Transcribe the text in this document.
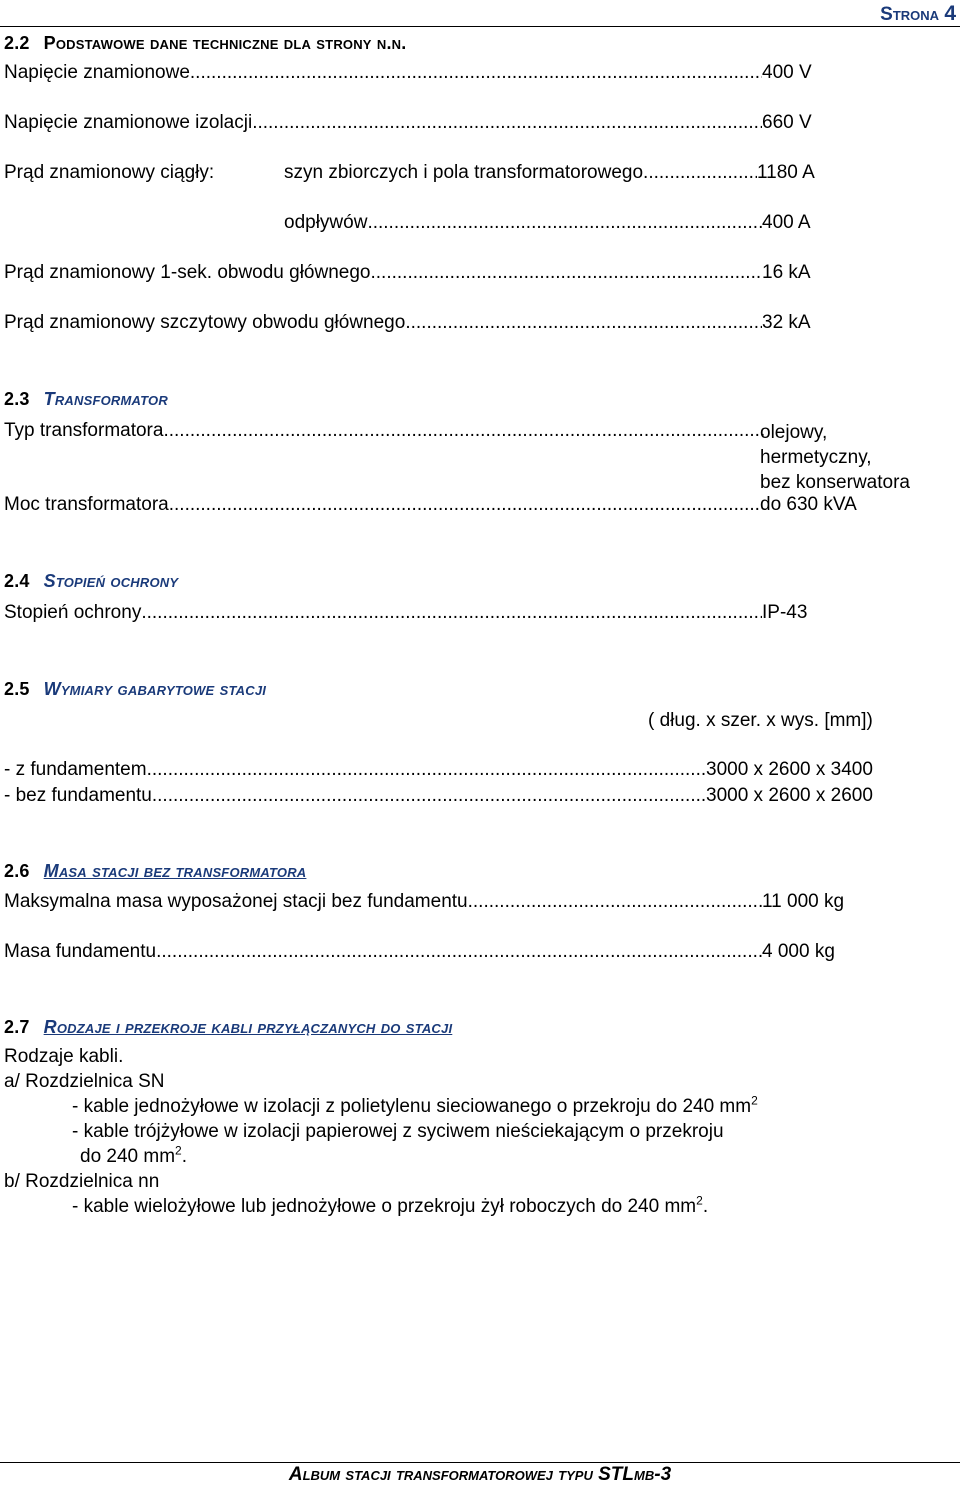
Strona 4
2.2 Podstawowe dane techniczne dla strony n.n.
Napięcie znamionowe .....	400 V
Napięcie znamionowe izolacji .....	660 V
Prąd znamionowy ciągły:	szyn zbiorczych i pola transformatorowego .....	1180 A
odpływów .....	400 A
Prąd znamionowy 1-sek. obwodu głównego .....	16 kA
Prąd znamionowy szczytowy obwodu głównego .....	32 kA
2.3 Transformator
Typ transformatora .....	olejowy,
hermetyczny,
bez konserwatora
Moc transformatora .....	do 630 kVA
2.4 Stopień ochrony
Stopień ochrony .....	IP-43
2.5 Wymiary gabarytowe stacji
( dług. x szer. x wys. [mm])
- z fundamentem .....	3000 x 2600 x 3400
- bez fundamentu .....	3000 x 2600 x 2600
2.6 Masa stacji bez transformatora
Maksymalna masa wyposażonej stacji bez fundamentu .....	11 000 kg
Masa fundamentu .....	4 000 kg
2.7 Rodzaje i przekroje kabli przyłączanych do stacji
Rodzaje kabli.
a/ Rozdzielnica SN
- kable jednożyłowe w izolacji z polietylenu sieciowanego o przekroju do 240 $mm^2$
- kable trójżyłowe w izolacji papierowej z syciwem nieściekającym o przekroju
do 240 $mm^2$.
b/ Rozdzielnica nn
- kable wielożyłowe lub jednożyłowe o przekroju żył roboczych do 240 $mm^2$.
Album stacji transformatorowej typu STLmb-3
